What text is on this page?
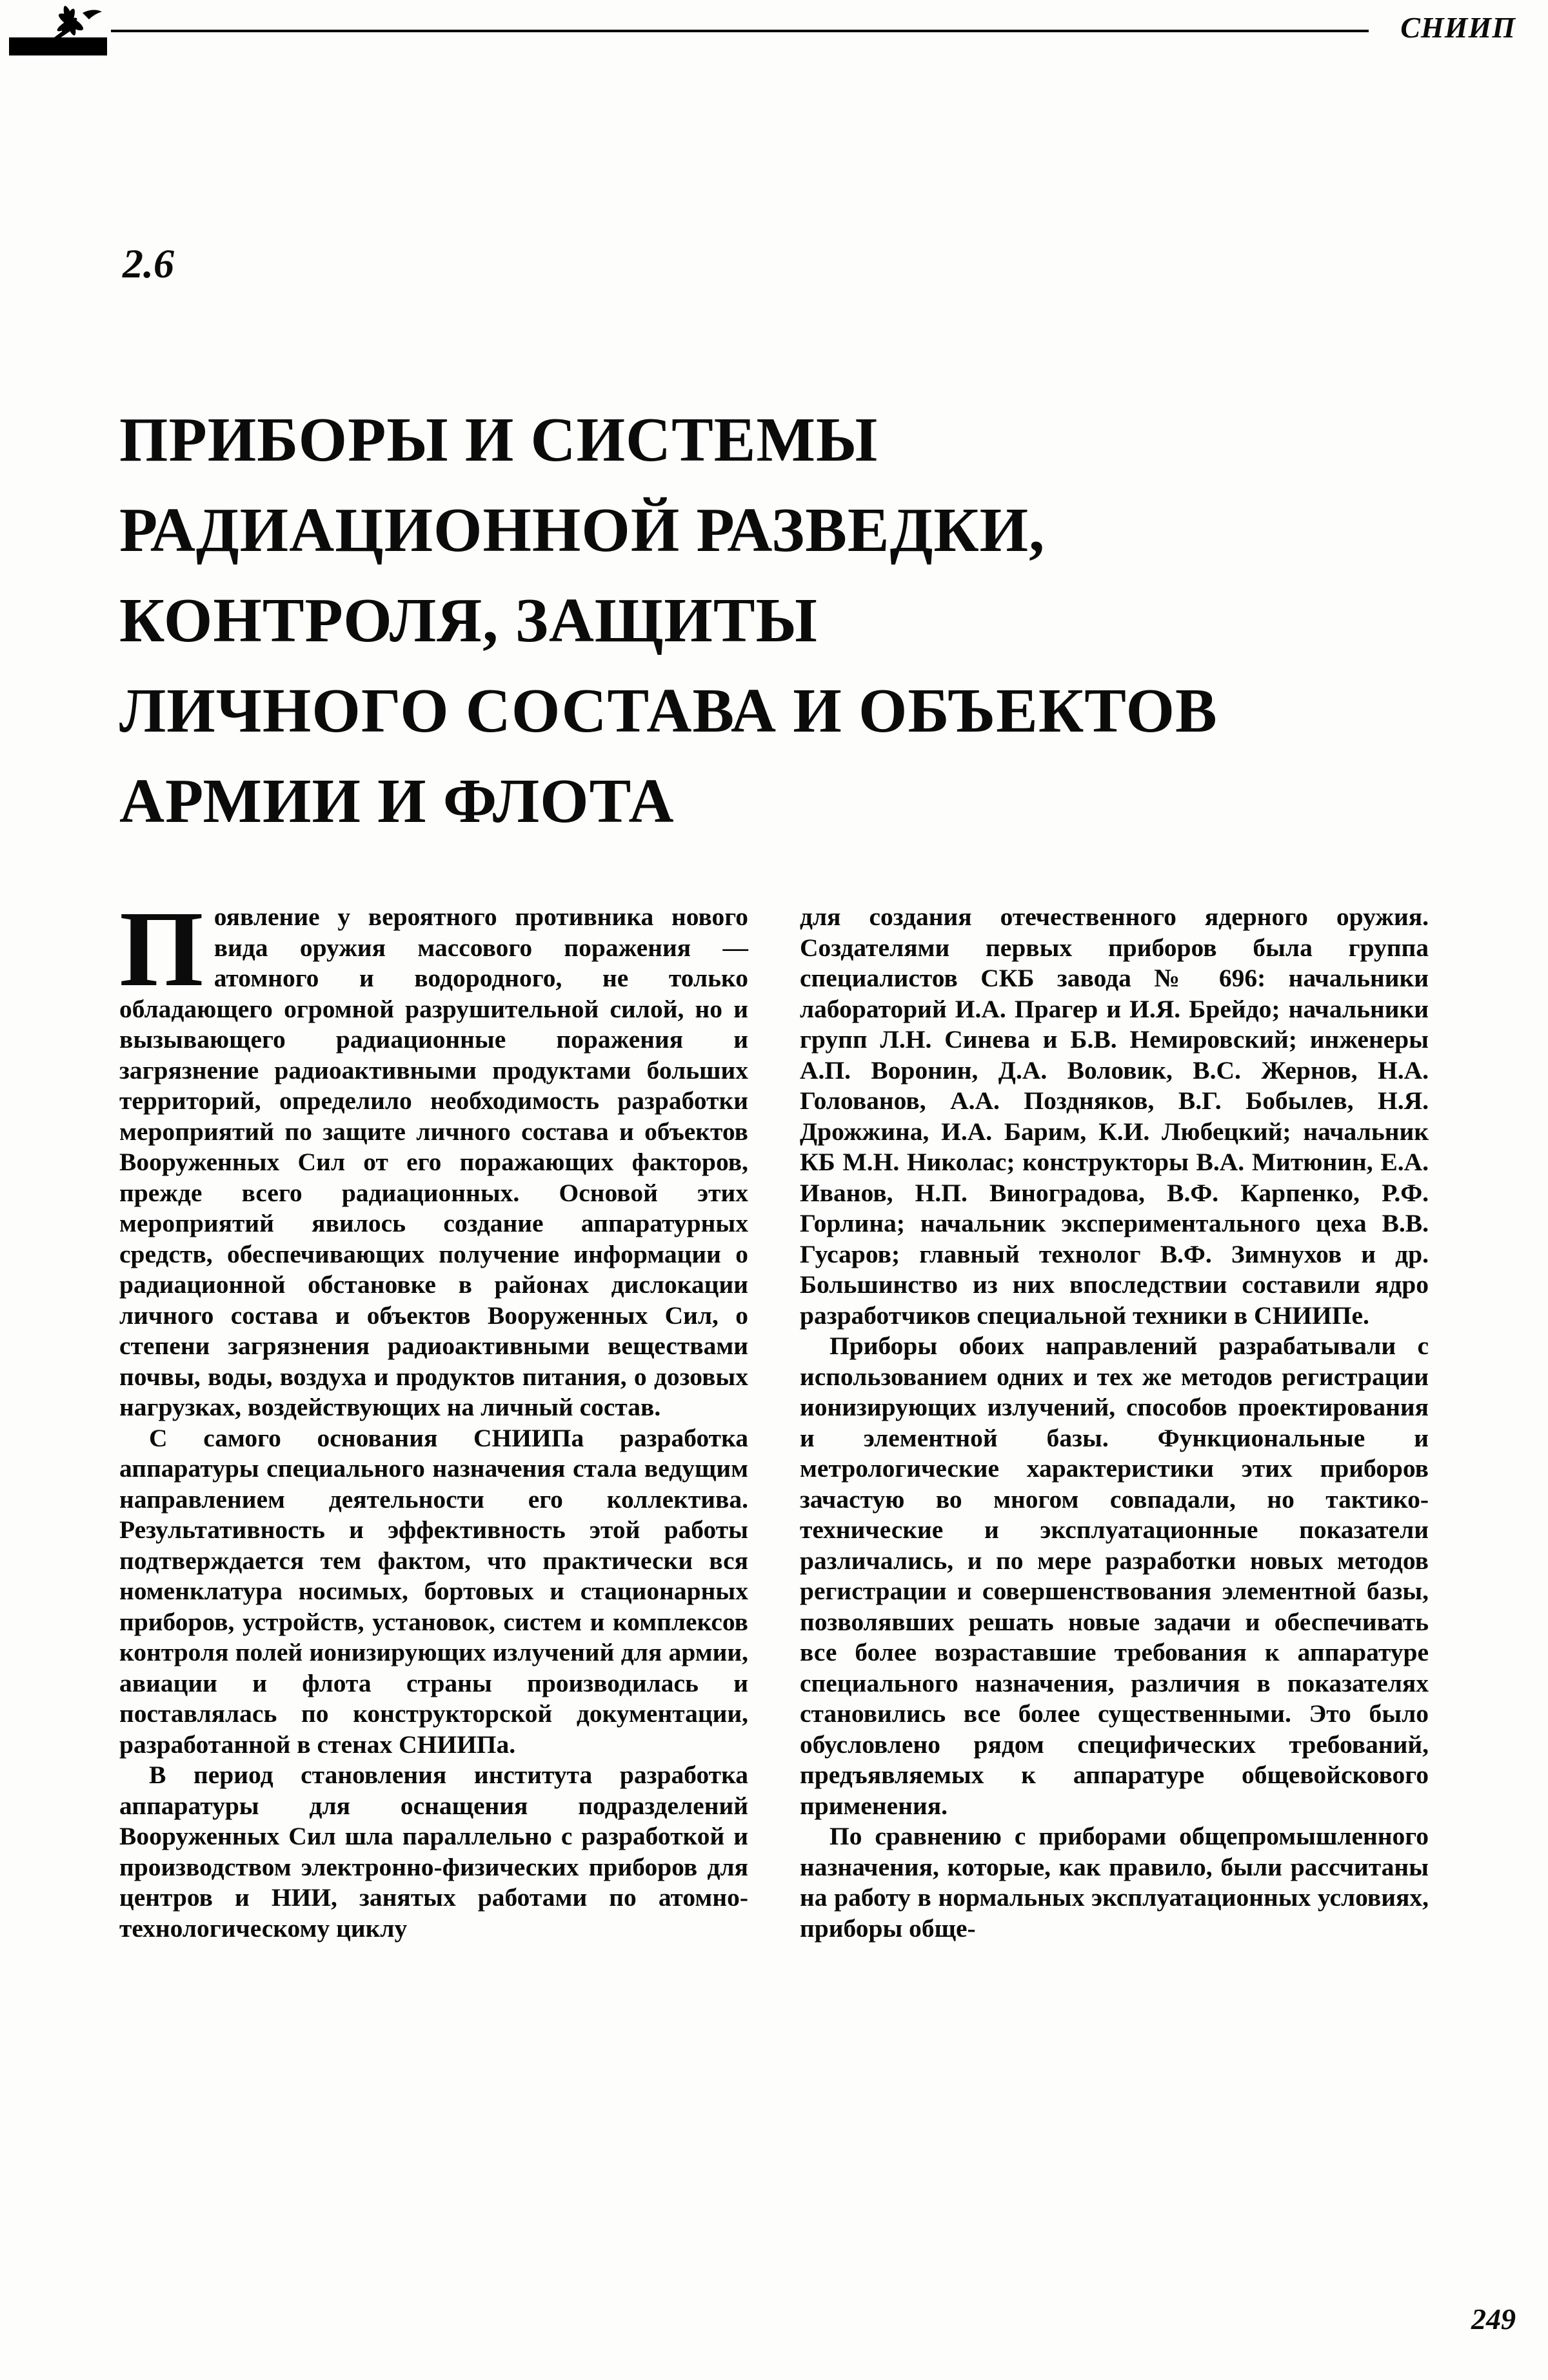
СНИИП
2.6
ПРИБОРЫ И СИСТЕМЫ
РАДИАЦИОННОЙ РАЗВЕДКИ,
КОНТРОЛЯ, ЗАЩИТЫ
ЛИЧНОГО СОСТАВА И ОБЪЕКТОВ
АРМИИ И ФЛОТА

Появление у вероятного противника нового вида оружия массового поражения — атомного и водородного, не только обладающего огромной разрушительной силой, но и вызывающего радиационные поражения и загрязнение радиоактивными продуктами больших территорий, определило необходимость разработки мероприятий по защите личного состава и объектов Вооруженных Сил от его поражающих факторов, прежде всего радиационных. Основой этих мероприятий явилось создание аппаратурных средств, обеспечивающих получение информации о радиационной обстановке в районах дислокации личного состава и объектов Вооруженных Сил, о степени загрязнения радиоактивными веществами почвы, воды, воздуха и продуктов питания, о дозовых нагрузках, воздействующих на личный состав.

С самого основания СНИИПа разработка аппаратуры специального назначения стала ведущим направлением деятельности его коллектива. Результативность и эффективность этой работы подтверждается тем фактом, что практически вся номенклатура носимых, бортовых и стационарных приборов, устройств, установок, систем и комплексов контроля полей ионизирующих излучений для армии, авиации и флота страны производилась и поставлялась по конструкторской документации, разработанной в стенах СНИИПа.

В период становления института разработка аппаратуры для оснащения подразделений Вооруженных Сил шла параллельно с разработкой и производством электронно-физических приборов для центров и НИИ, занятых работами по атомно-технологическому циклу

для создания отечественного ядерного оружия. Создателями первых приборов была группа специалистов СКБ завода № 696: начальники лабораторий И.А. Прагер и И.Я. Брейдо; начальники групп Л.Н. Синева и Б.В. Немировский; инженеры А.П. Воронин, Д.А. Воловик, В.С. Жернов, Н.А. Голованов, А.А. Поздняков, В.Г. Бобылев, Н.Я. Дрожжина, И.А. Барим, К.И. Любецкий; начальник КБ М.Н. Николас; конструкторы В.А. Митюнин, Е.А. Иванов, Н.П. Виноградова, В.Ф. Карпенко, Р.Ф. Горлина; начальник экспериментального цеха В.В. Гусаров; главный технолог В.Ф. Зимнухов и др. Большинство из них впоследствии составили ядро разработчиков специальной техники в СНИИПе.

Приборы обоих направлений разрабатывали с использованием одних и тех же методов регистрации ионизирующих излучений, способов проектирования и элементной базы. Функциональные и метрологические характеристики этих приборов зачастую во многом совпадали, но тактико-технические и эксплуатационные показатели различались, и по мере разработки новых методов регистрации и совершенствования элементной базы, позволявших решать новые задачи и обеспечивать все более возраставшие требования к аппаратуре специального назначения, различия в показателях становились все более существенными. Это было обусловлено рядом специфических требований, предъявляемых к аппаратуре общевойскового применения.

По сравнению с приборами общепромышленного назначения, которые, как правило, были рассчитаны на работу в нормальных эксплуатационных условиях, приборы обще-

249
